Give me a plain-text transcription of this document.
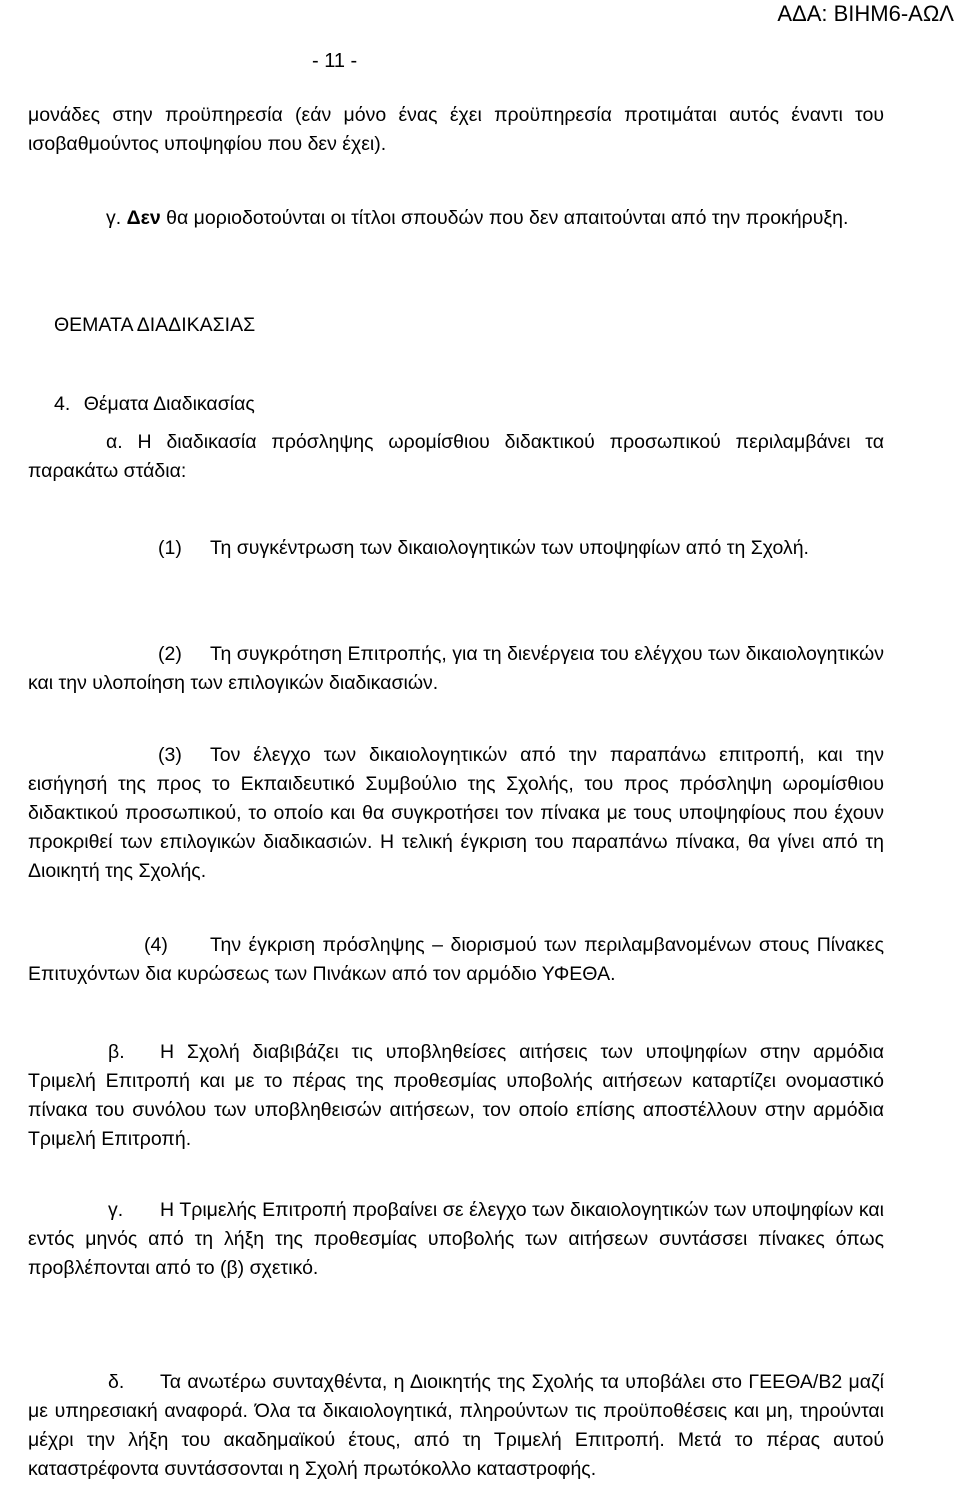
ΑΔΑ: ΒΙΗΜ6-ΑΩΛ
- 11 -

μονάδες στην προϋπηρεσία (εάν μόνο ένας έχει προϋπηρεσία προτιμάται αυτός έναντι του ισοβαθμούντος υποψηφίου που δεν έχει).

γ. Δεν θα μοριοδοτούνται οι τίτλοι σπουδών που δεν απαιτούνται από την προκήρυξη.

ΘΕΜΑΤΑ ΔΙΑΔΙΚΑΣΙΑΣ

4. Θέματα Διαδικασίας

α. Η διαδικασία πρόσληψης ωρομίσθιου διδακτικού προσωπικού περιλαμβάνει τα παρακάτω στάδια:

(1) Τη συγκέντρωση των δικαιολογητικών των υποψηφίων από τη Σχολή.

(2) Τη συγκρότηση Επιτροπής, για τη διενέργεια του ελέγχου των δικαιολογητικών και την υλοποίηση των επιλογικών διαδικασιών.

(3) Τον έλεγχο των δικαιολογητικών από την παραπάνω επιτροπή, και την εισήγησή της προς το Εκπαιδευτικό Συμβούλιο της Σχολής, του προς πρόσληψη ωρομίσθιου διδακτικού προσωπικού, το οποίο και θα συγκροτήσει τον πίνακα με τους υποψηφίους που έχουν προκριθεί των επιλογικών διαδικασιών. Η τελική έγκριση του παραπάνω πίνακα, θα γίνει από τη Διοικητή της Σχολής.

(4) Την έγκριση πρόσληψης – διορισμού των περιλαμβανομένων στους Πίνακες Επιτυχόντων δια κυρώσεως των Πινάκων από τον αρμόδιο ΥΦΕΘΑ.

β. Η Σχολή διαβιβάζει τις υποβληθείσες αιτήσεις των υποψηφίων στην αρμόδια Τριμελή Επιτροπή και με το πέρας της προθεσμίας υποβολής αιτήσεων καταρτίζει ονομαστικό πίνακα του συνόλου των υποβληθεισών αιτήσεων, τον οποίο επίσης αποστέλλουν στην αρμόδια Τριμελή Επιτροπή.

γ. Η Τριμελής Επιτροπή προβαίνει σε έλεγχο των δικαιολογητικών των υποψηφίων και εντός μηνός από τη λήξη της προθεσμίας υποβολής των αιτήσεων συντάσσει πίνακες όπως προβλέπονται από το (β) σχετικό.

δ. Τα ανωτέρω συνταχθέντα, η Διοικητής της Σχολής τα υποβάλει στο ΓΕΕΘΑ/Β2 μαζί με υπηρεσιακή αναφορά. Όλα τα δικαιολογητικά, πληρούντων τις προϋποθέσεις και μη, τηρούνται μέχρι την λήξη του ακαδημαϊκού έτους, από τη Τριμελή Επιτροπή. Μετά το πέρας αυτού καταστρέφοντα συντάσσονται η Σχολή πρωτόκολλο καταστροφής.
